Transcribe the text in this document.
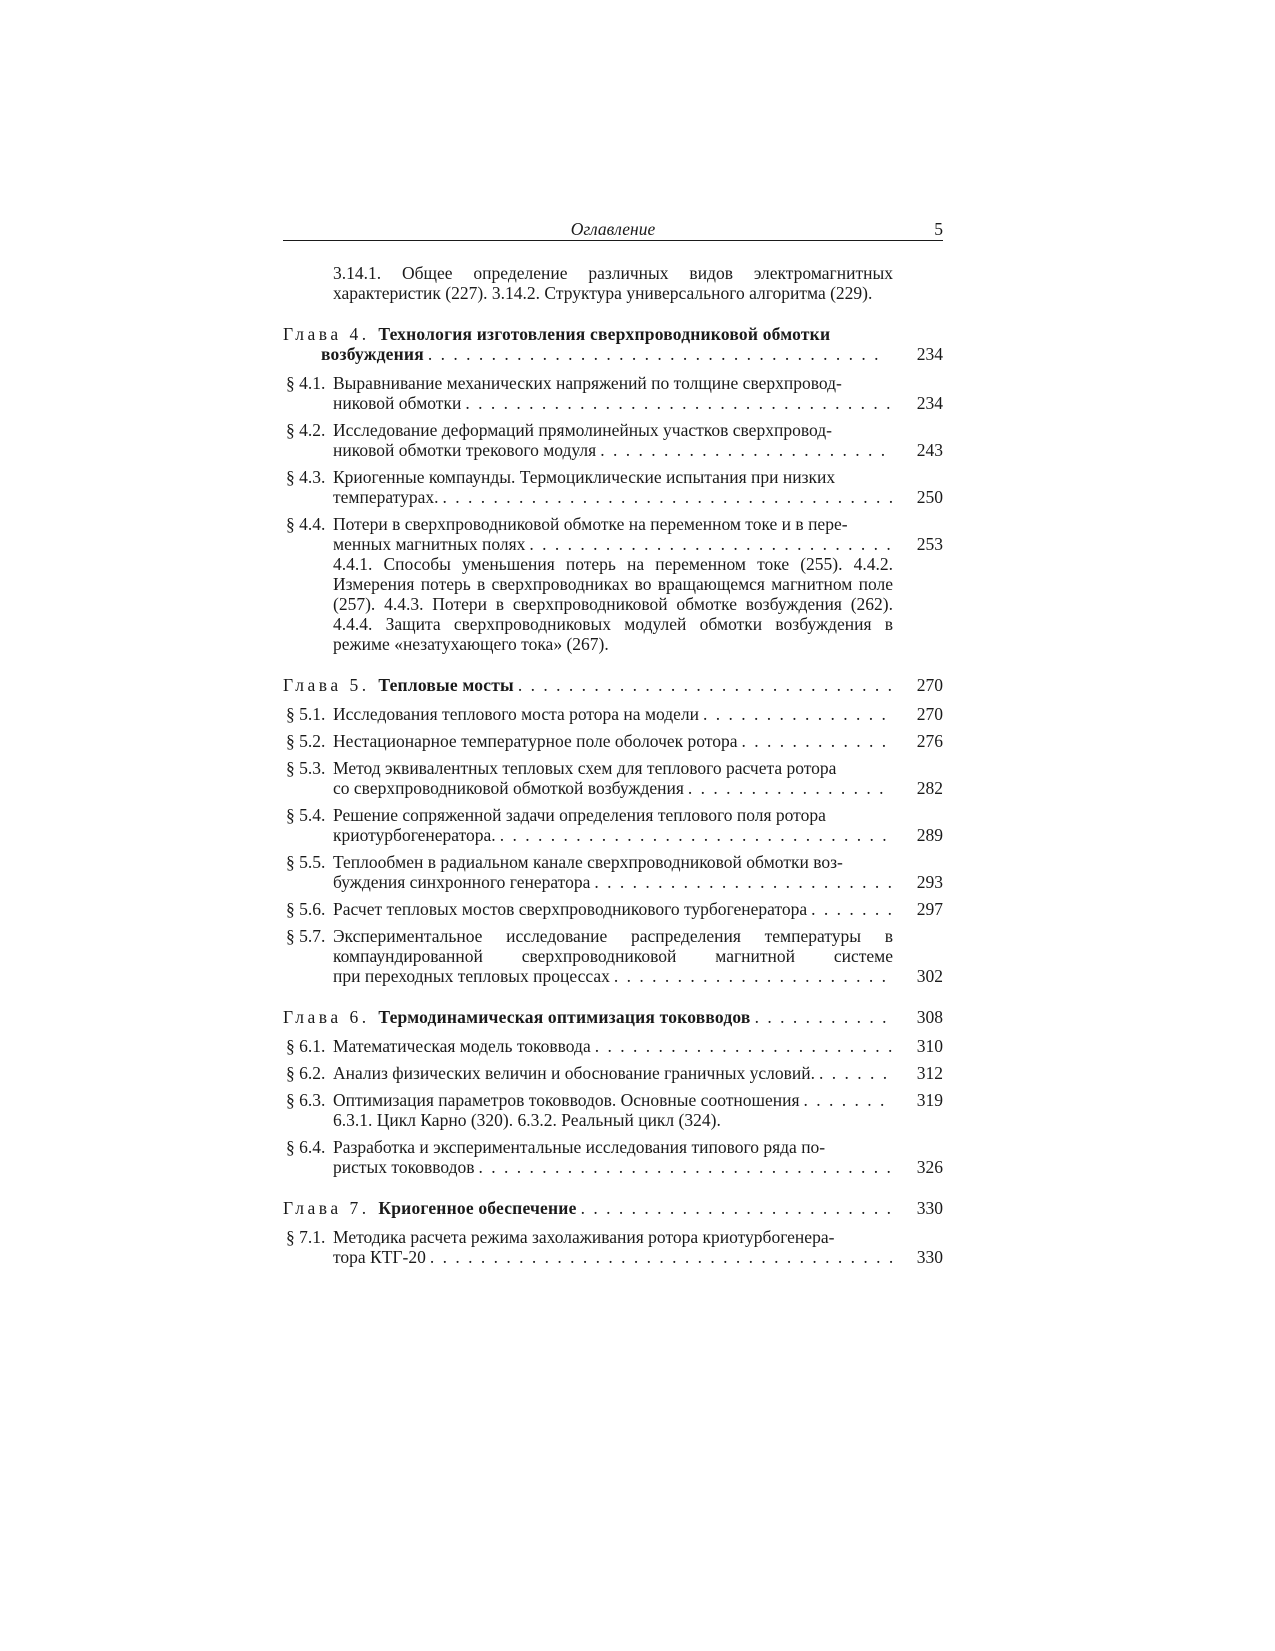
Оглавление	5
3.14.1. Общее определение различных видов электромагнитных характеристик (227). 3.14.2. Структура универсального алгоритма (229).
Глава 4. Технология изготовления сверхпроводниковой обмотки
возбуждения . . .	234
§ 4.1. Выравнивание механических напряжений по толщине сверхпровод-
никовой обмотки . . .	234
§ 4.2. Исследование деформаций прямолинейных участков сверхпровод-
никовой обмотки трекового модуля . . .	243
§ 4.3. Криогенные компаунды. Термоциклические испытания при низких
температурах. . . .	250
§ 4.4. Потери в сверхпроводниковой обмотке на переменном токе и в пере-
менных магнитных полях . . .	253
4.4.1. Способы уменьшения потерь на переменном токе (255). 4.4.2. Измерения потерь в сверхпроводниках во вращающемся магнитном поле (257). 4.4.3. Потери в сверхпроводниковой обмотке возбуждения (262). 4.4.4. Защита сверхпроводниковых модулей обмотки возбуждения в режиме «незатухающего тока» (267).
Глава 5. Тепловые мосты . . .	270
§ 5.1. Исследования теплового моста ротора на модели . . .	270
§ 5.2. Нестационарное температурное поле оболочек ротора . . .	276
§ 5.3. Метод эквивалентных тепловых схем для теплового расчета ротора
со сверхпроводниковой обмоткой возбуждения . . .	282
§ 5.4. Решение сопряженной задачи определения теплового поля ротора
криотурбогенератора. . . .	289
§ 5.5. Теплообмен в радиальном канале сверхпроводниковой обмотки воз-
буждения синхронного генератора . . .	293
§ 5.6. Расчет тепловых мостов сверхпроводникового турбогенератора . . .	297
§ 5.7. Экспериментальное исследование распределения температуры в компаундированной сверхпроводниковой магнитной системе
при переходных тепловых процессах . . .	302
Глава 6. Термодинамическая оптимизация токовводов . . .	308
§ 6.1. Математическая модель токоввода . . .	310
§ 6.2. Анализ физических величин и обоснование граничных условий. . . .	312
§ 6.3. Оптимизация параметров токовводов. Основные соотношения . . .	319
6.3.1. Цикл Карно (320). 6.3.2. Реальный цикл (324).
§ 6.4. Разработка и экспериментальные исследования типового ряда по-
ристых токовводов . . .	326
Глава 7. Криогенное обеспечение . . .	330
§ 7.1. Методика расчета режима захолаживания ротора криотурбогенера-
тора КТГ-20 . . .	330
